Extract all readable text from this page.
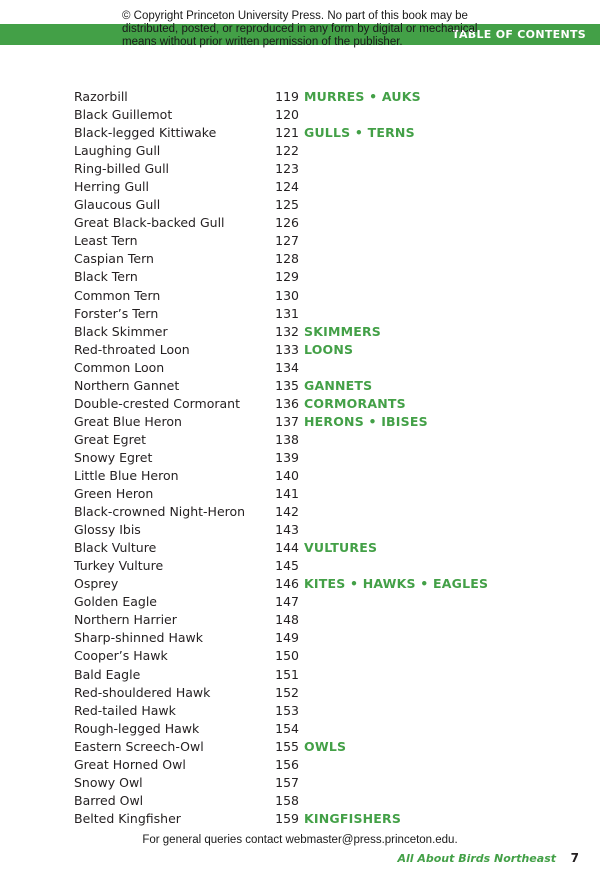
TABLE OF CONTENTS
© Copyright Princeton University Press. No part of this book may be
distributed, posted, or reproduced in any form by digital or mechanical
means without prior written permission of the publisher.
Razorbill	119 MURRES • AUKS
Black Guillemot	120
Black-legged Kittiwake	121 GULLS • TERNS
Laughing Gull	122
Ring-billed Gull	123
Herring Gull	124
Glaucous Gull	125
Great Black-backed Gull	126
Least Tern	127
Caspian Tern	128
Black Tern	129
Common Tern	130
Forster’s Tern	131
Black Skimmer	132 SKIMMERS
Red-throated Loon	133 LOONS
Common Loon	134
Northern Gannet	135 GANNETS
Double-crested Cormorant	136 CORMORANTS
Great Blue Heron	137 HERONS • IBISES
Great Egret	138
Snowy Egret	139
Little Blue Heron	140
Green Heron	141
Black-crowned Night-Heron 142
Glossy Ibis	143
Black Vulture	144 VULTURES
Turkey Vulture	145
Osprey	146 KITES • HAWKS • EAGLES
Golden Eagle	147
Northern Harrier	148
Sharp-shinned Hawk	149
Cooper’s Hawk	150
Bald Eagle	151
Red-shouldered Hawk	152
Red-tailed Hawk	153
Rough-legged Hawk	154
Eastern Screech-Owl	155 OWLS
Great Horned Owl	156
Snowy Owl	157
Barred Owl	158
Belted Kingfisher	159 KINGFISHERS
For general queries contact webmaster@press.princeton.edu.
All About Birds Northeast 7
